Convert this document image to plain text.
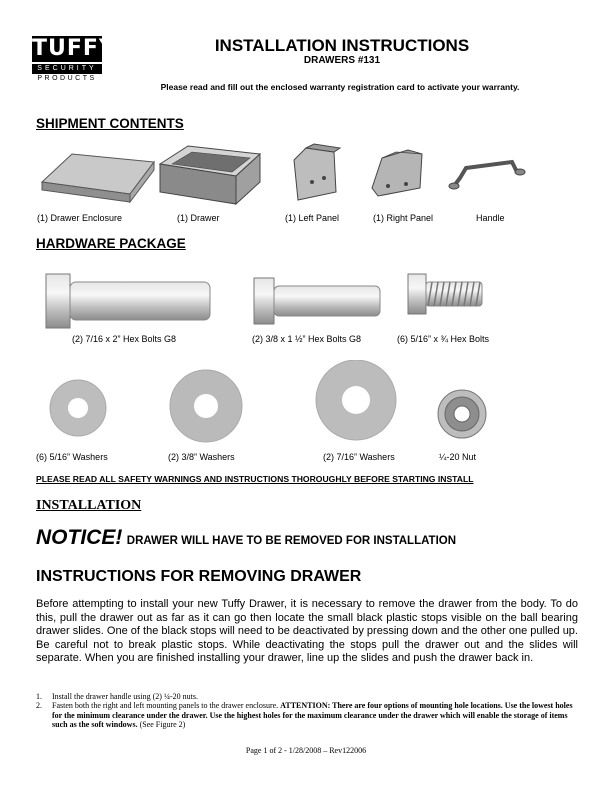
TUFFY
SECURITY
PRODUCTS
INSTALLATION INSTRUCTIONS
DRAWERS #131
Please read and fill out the enclosed warranty registration card to activate your warranty.
SHIPMENT CONTENTS
(1) Drawer Enclosure	(1) Drawer	(1) Left Panel	(1) Right Panel	Handle
HARDWARE PACKAGE
(2) 7/16 x 2” Hex Bolts G8	(2) 3/8 x 1 ½” Hex Bolts G8	(6) 5/16” x ¾ Hex Bolts
(6) 5/16” Washers	(2) 3/8” Washers	(2) 7/16” Washers	¼-20 Nut
PLEASE READ ALL SAFETY WARNINGS AND INSTRUCTIONS THOROUGHLY BEFORE STARTING INSTALL
INSTALLATION
NOTICE! DRAWER WILL HAVE TO BE REMOVED FOR INSTALLATION
INSTRUCTIONS FOR REMOVING DRAWER
Before attempting to install your new Tuffy Drawer, it is necessary to remove the drawer from the body. To do this, pull the drawer out as far as it can go then locate the small black plastic stops visible on the ball bearing drawer slides. One of the black stops will need to be deactivated by pressing down and the other one pulled up. Be careful not to break plastic stops. While deactivating the stops pull the drawer out and the slides will separate. When you are finished installing your drawer, line up the slides and push the drawer back in.
1. Install the drawer handle using (2) ¼-20 nuts.
2. Fasten both the right and left mounting panels to the drawer enclosure. ATTENTION: There are four options of mounting hole locations. Use the lowest holes for the minimum clearance under the drawer. Use the highest holes for the maximum clearance under the drawer which will enable the storage of items such as the soft windows. (See Figure 2)
Page 1 of 2 - 1/28/2008 – Rev122006
